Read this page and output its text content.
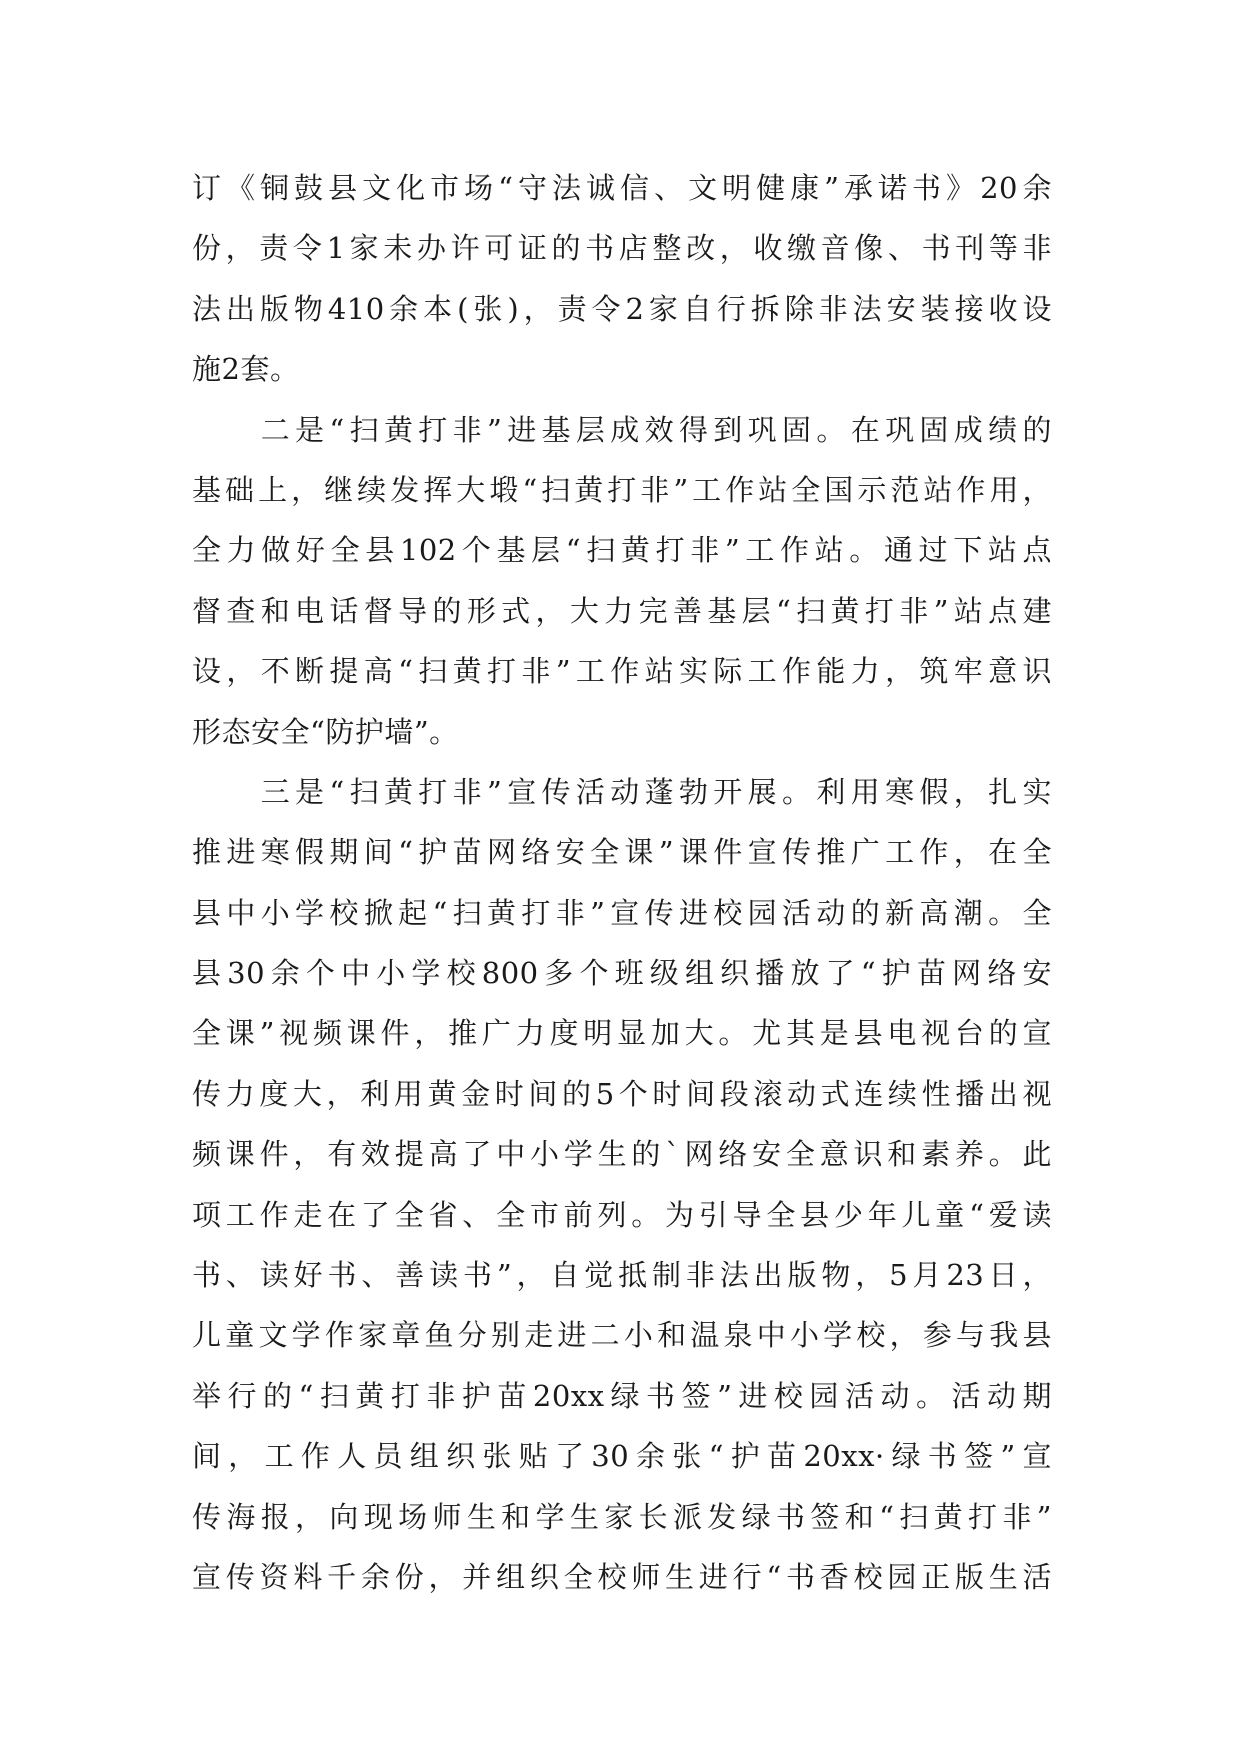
订《铜鼓县文化市场“守法诚信、文明健康”承诺书》20余
份，责令1家未办许可证的书店整改，收缴音像、书刊等非
法出版物410余本(张)，责令2家自行拆除非法安装接收设
施2套。
　　二是“扫黄打非”进基层成效得到巩固。在巩固成绩的
基础上，继续发挥大塅“扫黄打非”工作站全国示范站作用，
全力做好全县102个基层“扫黄打非”工作站。通过下站点
督查和电话督导的形式，大力完善基层“扫黄打非”站点建
设，不断提高“扫黄打非”工作站实际工作能力，筑牢意识
形态安全“防护墙”。
　　三是“扫黄打非”宣传活动蓬勃开展。利用寒假，扎实
推进寒假期间“护苗网络安全课”课件宣传推广工作，在全
县中小学校掀起“扫黄打非”宣传进校园活动的新高潮。全
县30余个中小学校800多个班级组织播放了“护苗网络安
全课”视频课件，推广力度明显加大。尤其是县电视台的宣
传力度大，利用黄金时间的5个时间段滚动式连续性播出视
频课件，有效提高了中小学生的`网络安全意识和素养。此
项工作走在了全省、全市前列。为引导全县少年儿童“爱读
书、读好书、善读书”，自觉抵制非法出版物，5月23日，
儿童文学作家章鱼分别走进二小和温泉中小学校，参与我县
举行的“扫黄打非护苗20xx绿书签”进校园活动。活动期
间，工作人员组织张贴了30余张“护苗20xx·绿书签”宣
传海报，向现场师生和学生家长派发绿书签和“扫黄打非”
宣传资料千余份，并组织全校师生进行“书香校园正版生活
